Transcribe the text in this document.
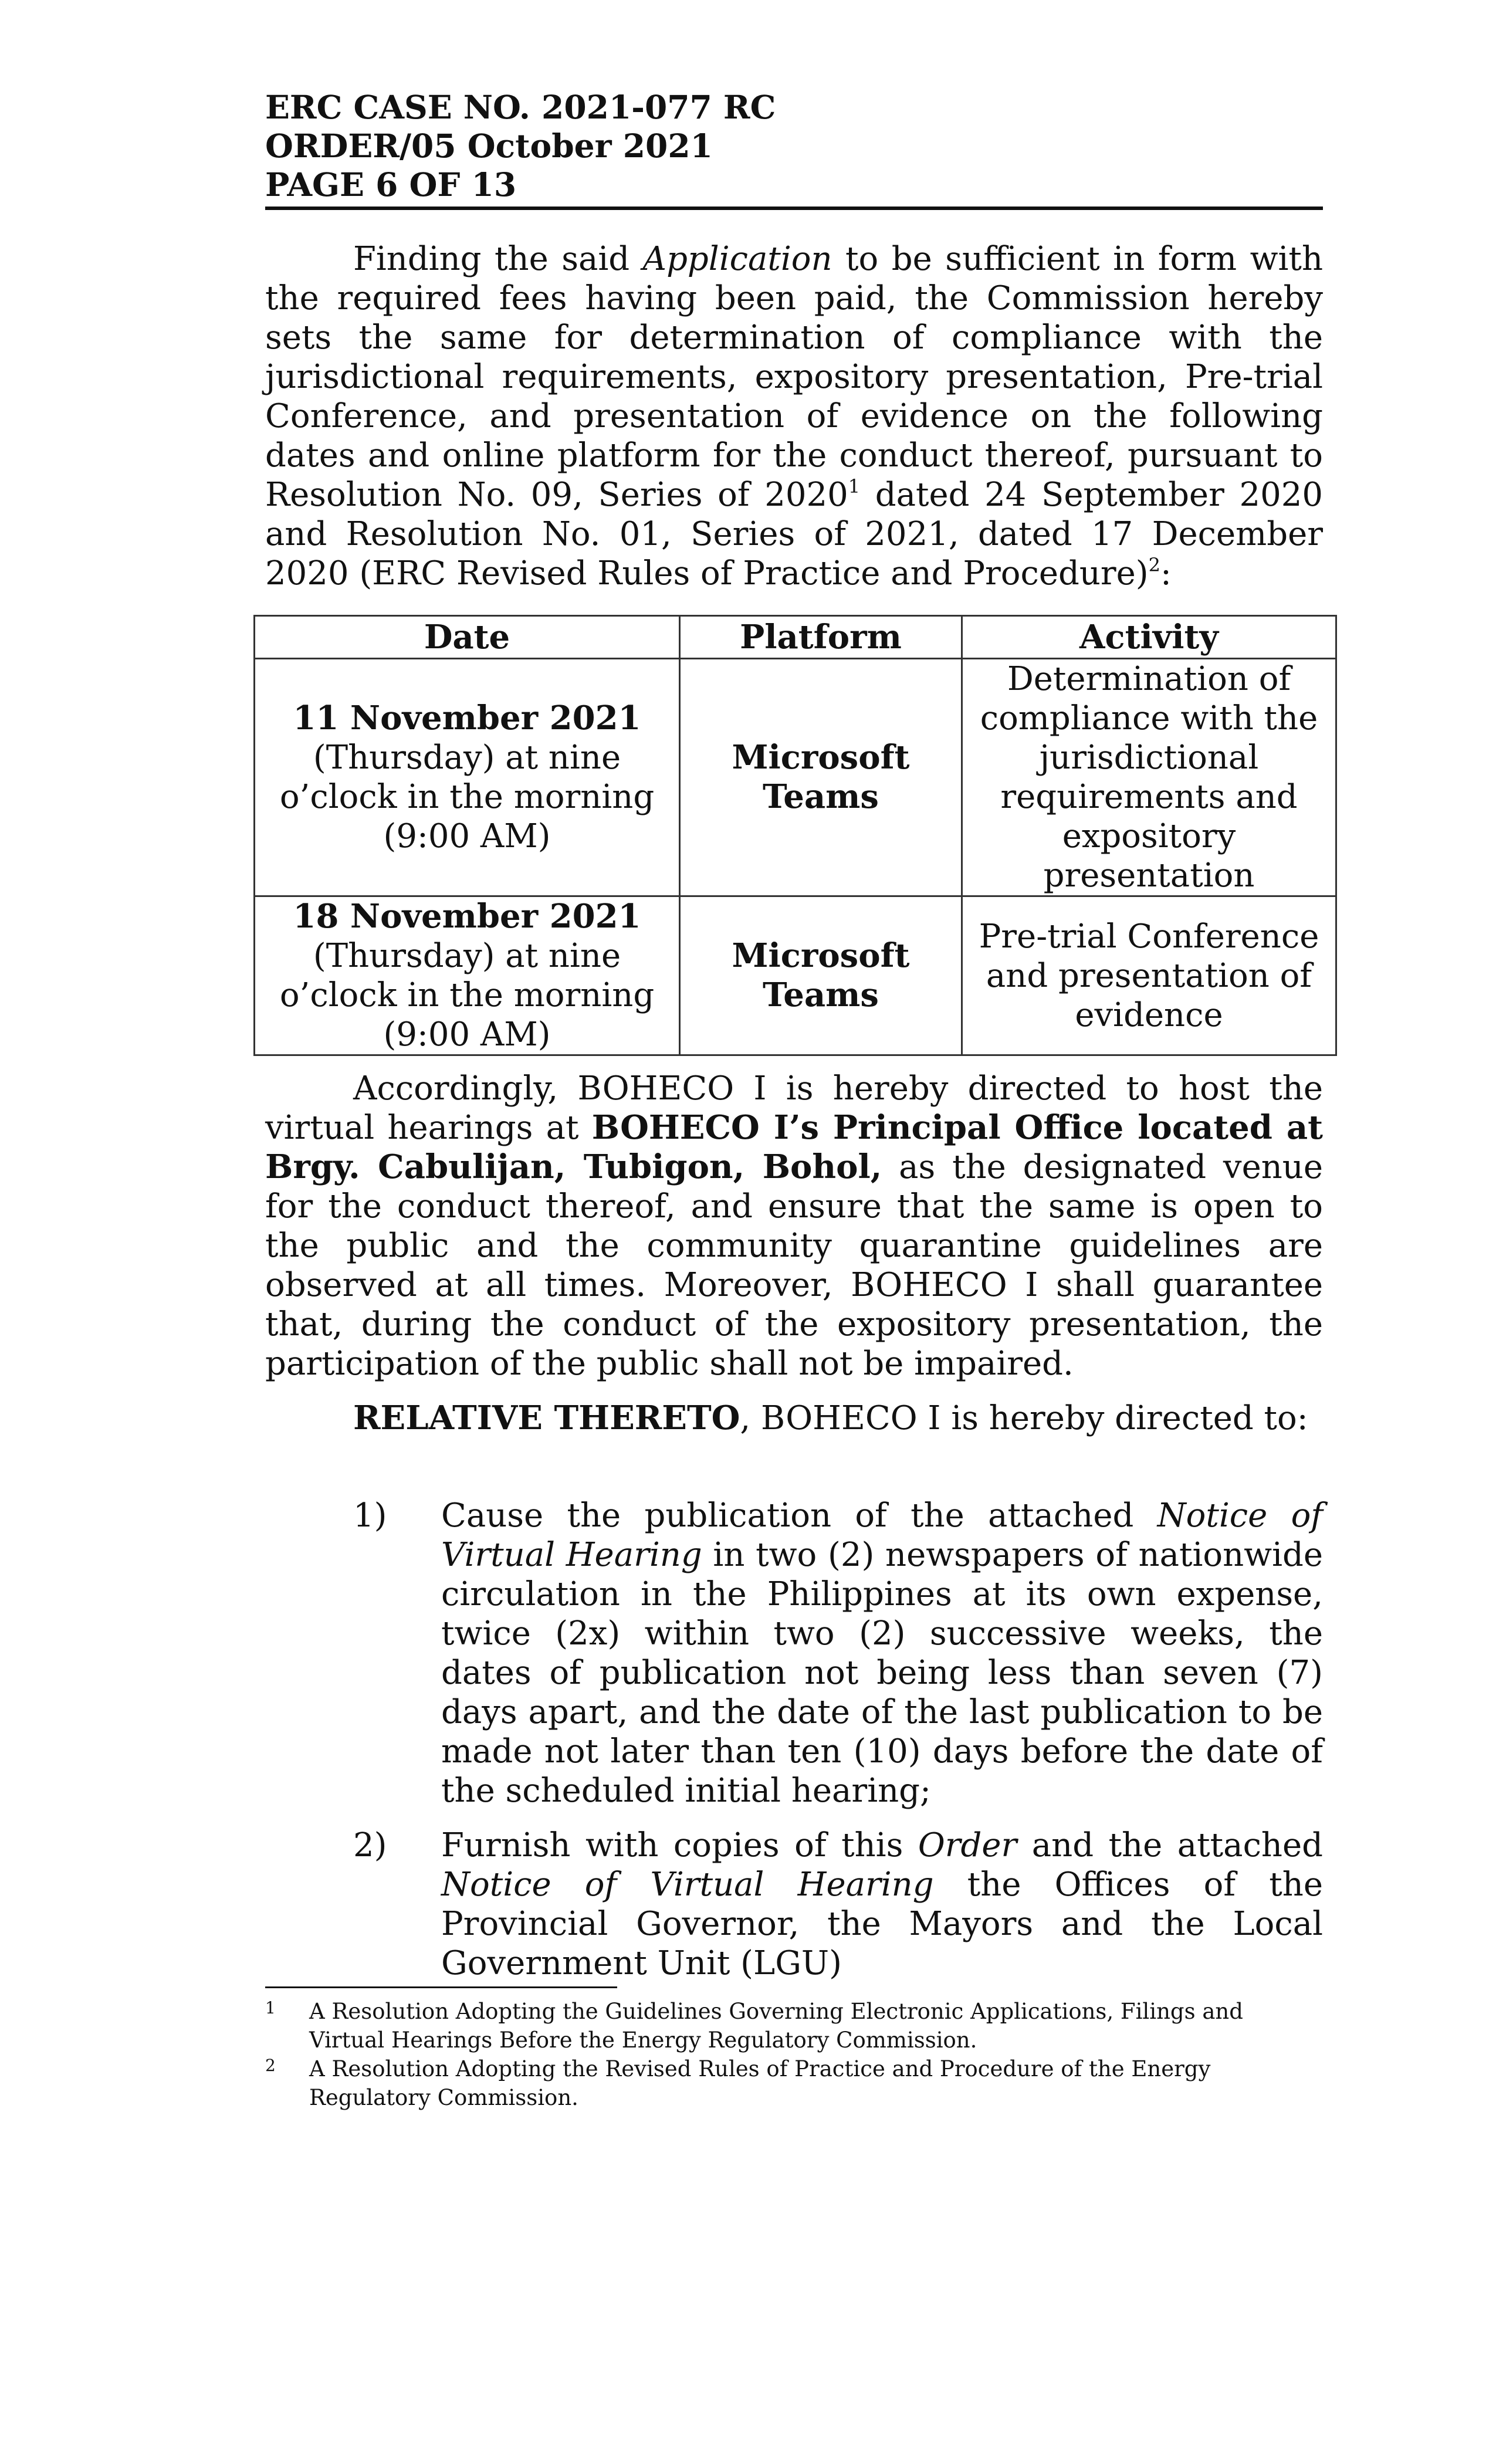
ERC CASE NO. 2021-077 RC
ORDER/05 October 2021
PAGE 6 OF 13

Finding the said Application to be sufficient in form with the required fees having been paid, the Commission hereby sets the same for determination of compliance with the jurisdictional requirements, expository presentation, Pre-trial Conference, and presentation of evidence on the following dates and online platform for the conduct thereof, pursuant to Resolution No. 09, Series of 2020$^1$ dated 24 September 2020 and Resolution No. 01, Series of 2021, dated 17 December 2020 (ERC Revised Rules of Practice and Procedure)$^2$:

Date	Platform	Activity

11 November 2021
(Thursday) at nine o’clock in the morning (9:00 AM)	Microsoft Teams	Determination of compliance with the jurisdictional requirements and expository presentation

18 November 2021
(Thursday) at nine o’clock in the morning (9:00 AM)	Microsoft Teams	Pre-trial Conference and presentation of evidence

Accordingly, BOHECO I is hereby directed to host the virtual hearings at BOHECO I’s Principal Office located at Brgy. Cabulijan, Tubigon, Bohol, as the designated venue for the conduct thereof, and ensure that the same is open to the public and the community quarantine guidelines are observed at all times. Moreover, BOHECO I shall guarantee that, during the conduct of the expository presentation, the participation of the public shall not be impaired.

RELATIVE THERETO, BOHECO I is hereby directed to:

1) Cause the publication of the attached Notice of Virtual Hearing in two (2) newspapers of nationwide circulation in the Philippines at its own expense, twice (2x) within two (2) successive weeks, the dates of publication not being less than seven (7) days apart, and the date of the last publication to be made not later than ten (10) days before the date of the scheduled initial hearing;
2) Furnish with copies of this Order and the attached Notice of Virtual Hearing the Offices of the Provincial Governor, the Mayors and the Local Government Unit (LGU)
1 A Resolution Adopting the Guidelines Governing Electronic Applications, Filings and Virtual Hearings Before the Energy Regulatory Commission.
2 A Resolution Adopting the Revised Rules of Practice and Procedure of the Energy Regulatory Commission.
